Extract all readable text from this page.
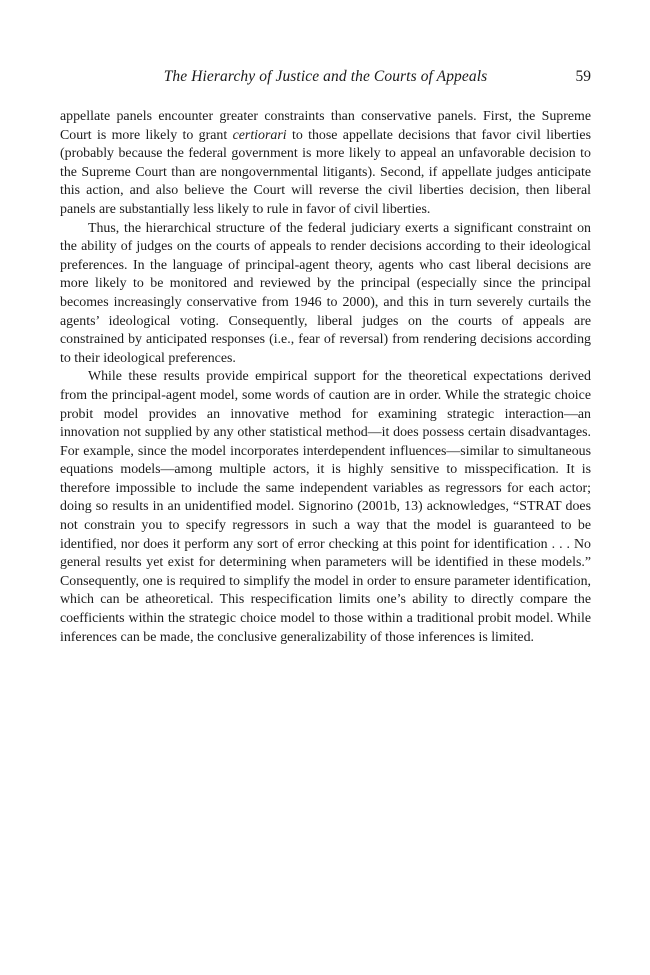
The Hierarchy of Justice and the Courts of Appeals	59

appellate panels encounter greater constraints than conservative panels. First, the Supreme Court is more likely to grant certiorari to those appellate decisions that favor civil liberties (probably because the federal government is more likely to appeal an unfavorable decision to the Supreme Court than are nongovernmental litigants). Second, if appellate judges anticipate this action, and also believe the Court will reverse the civil liberties decision, then liberal panels are substantially less likely to rule in favor of civil liberties.

Thus, the hierarchical structure of the federal judiciary exerts a significant constraint on the ability of judges on the courts of appeals to render decisions according to their ideological preferences. In the language of principal-agent theory, agents who cast liberal decisions are more likely to be monitored and reviewed by the principal (especially since the principal becomes increasingly conservative from 1946 to 2000), and this in turn severely curtails the agents’ ideological voting. Consequently, liberal judges on the courts of appeals are constrained by anticipated responses (i.e., fear of reversal) from rendering decisions according to their ideological preferences.

While these results provide empirical support for the theoretical expectations derived from the principal-agent model, some words of caution are in order. While the strategic choice probit model provides an innovative method for examining strategic interaction—an innovation not supplied by any other statistical method—it does possess certain disadvantages. For example, since the model incorporates interdependent influences—similar to simultaneous equations models—among multiple actors, it is highly sensitive to misspecification. It is therefore impossible to include the same independent variables as regressors for each actor; doing so results in an unidentified model. Signorino (2001b, 13) acknowledges, “STRAT does not constrain you to specify regressors in such a way that the model is guaranteed to be identified, nor does it perform any sort of error checking at this point for identification . . . No general results yet exist for determining when parameters will be identified in these models.” Consequently, one is required to simplify the model in order to ensure parameter identification, which can be atheoretical. This respecification limits one’s ability to directly compare the coefficients within the strategic choice model to those within a traditional probit model. While inferences can be made, the conclusive generalizability of those inferences is limited.
